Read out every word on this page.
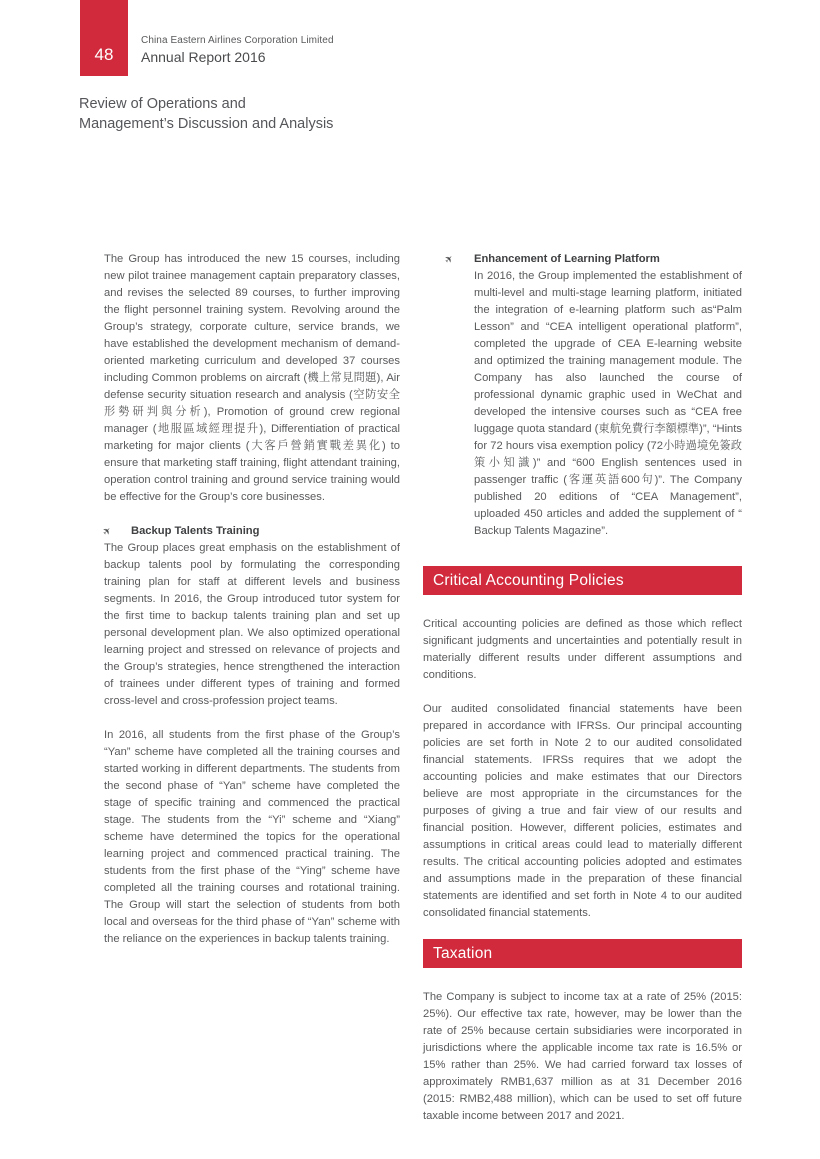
48
China Eastern Airlines Corporation Limited
Annual Report 2016
Review of Operations and
Management’s Discussion and Analysis

The Group has introduced the new 15 courses, including new pilot trainee management captain preparatory classes, and revises the selected 89 courses, to further improving the flight personnel training system. Revolving around the Group’s strategy, corporate culture, service brands, we have established the development mechanism of demand-oriented marketing curriculum and developed 37 courses including Common problems on aircraft (機上常見問題), Air defense security situation research and analysis (空防安全形勢研判與分析), Promotion of ground crew regional manager (地服區域經理提升), Differentiation of practical marketing for major clients (大客戶營銷實戰差異化) to ensure that marketing staff training, flight attendant training, operation control training and ground service training would be effective for the Group’s core businesses.

✈	Backup Talents Training

The Group places great emphasis on the establishment of backup talents pool by formulating the corresponding training plan for staff at different levels and business segments. In 2016, the Group introduced tutor system for the first time to backup talents training plan and set up personal development plan. We also optimized operational learning project and stressed on relevance of projects and the Group’s strategies, hence strengthened the interaction of trainees under different types of training and formed cross-level and cross-profession project teams.

In 2016, all students from the first phase of the Group’s “Yan” scheme have completed all the training courses and started working in different departments. The students from the second phase of “Yan” scheme have completed the stage of specific training and commenced the practical stage. The students from the “Yi” scheme and “Xiang” scheme have determined the topics for the operational learning project and commenced practical training. The students from the first phase of the “Ying” scheme have completed all the training courses and rotational training. The Group will start the selection of students from both local and overseas for the third phase of “Yan” scheme with the reliance on the experiences in backup talents training.

✈	Enhancement of Learning Platform

In 2016, the Group implemented the establishment of multi-level and multi-stage learning platform, initiated the integration of e-learning platform such as“Palm Lesson” and “CEA intelligent operational platform”, completed the upgrade of CEA E-learning website and optimized the training management module. The Company has also launched the course of professional dynamic graphic used in WeChat and developed the intensive courses such as “CEA free luggage quota standard (東航免費行李額標準)”, “Hints for 72 hours visa exemption policy (72小時過境免簽政策小知識)” and “600 English sentences used in passenger traffic (客運英語600句)”. The Company published 20 editions of “CEA Management”, uploaded 450 articles and added the supplement of “ Backup Talents Magazine”.

Critical Accounting Policies

Critical accounting policies are defined as those which reflect significant judgments and uncertainties and potentially result in materially different results under different assumptions and conditions.

Our audited consolidated financial statements have been prepared in accordance with IFRSs. Our principal accounting policies are set forth in Note 2 to our audited consolidated financial statements. IFRSs requires that we adopt the accounting policies and make estimates that our Directors believe are most appropriate in the circumstances for the purposes of giving a true and fair view of our results and financial position. However, different policies, estimates and assumptions in critical areas could lead to materially different results. The critical accounting policies adopted and estimates and assumptions made in the preparation of these financial statements are identified and set forth in Note 4 to our audited consolidated financial statements.

Taxation

The Company is subject to income tax at a rate of 25% (2015: 25%). Our effective tax rate, however, may be lower than the rate of 25% because certain subsidiaries were incorporated in jurisdictions where the applicable income tax rate is 16.5% or 15% rather than 25%. We had carried forward tax losses of approximately RMB1,637 million as at 31 December 2016 (2015: RMB2,488 million), which can be used to set off future taxable income between 2017 and 2021.
